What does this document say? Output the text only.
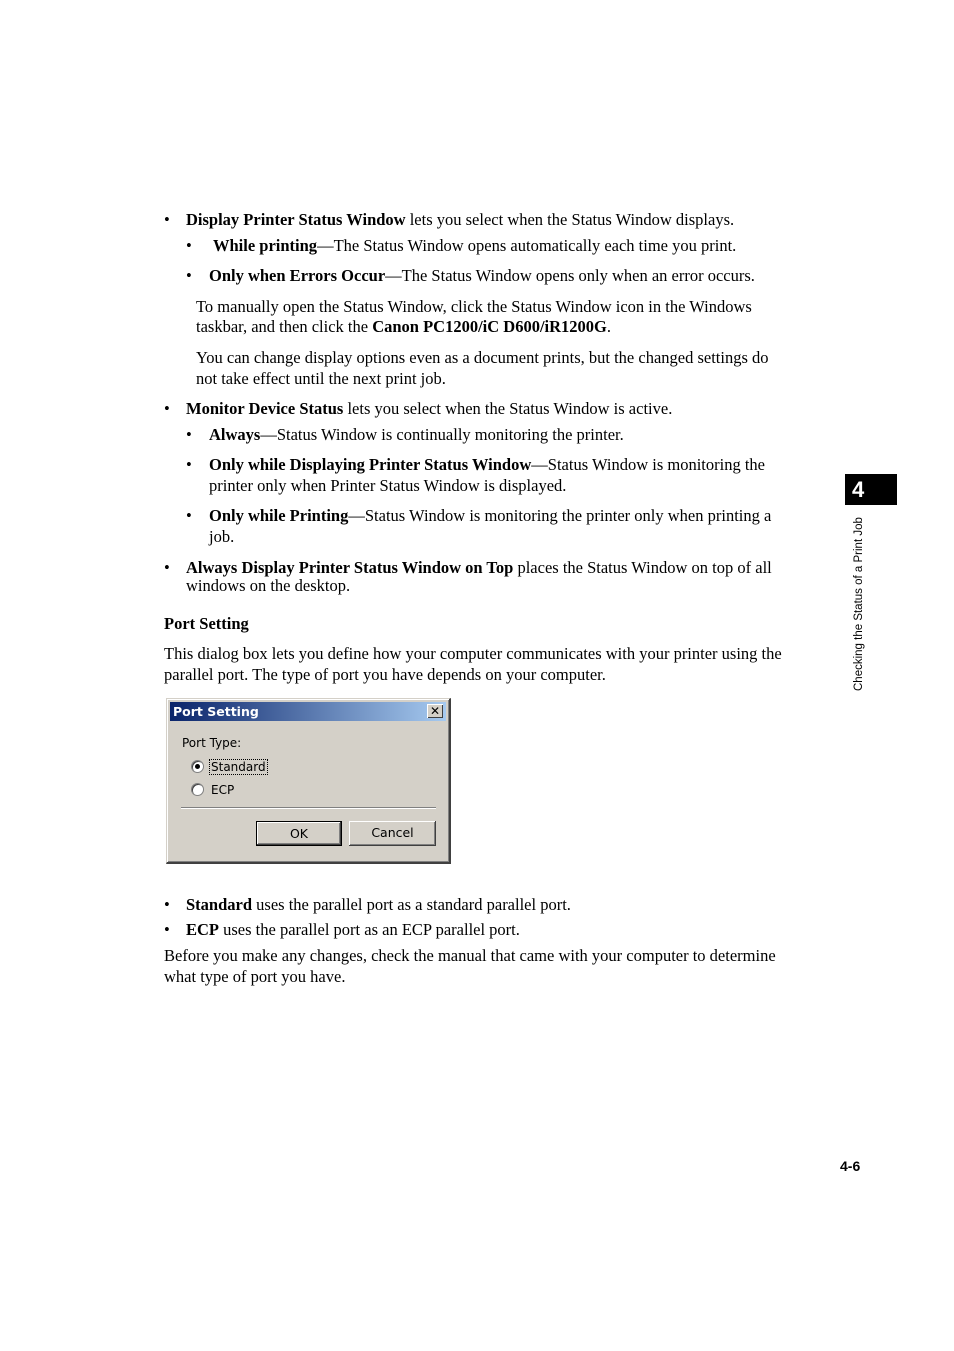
4
Checking the Status of a Print Job
• Display Printer Status Window lets you select when the Status Window displays.
• While printing—The Status Window opens automatically each time you print.
• Only when Errors Occur—The Status Window opens only when an error occurs.
To manually open the Status Window, click the Status Window icon in the Windows
taskbar, and then click the Canon PC1200/iC D600/iR1200G.
You can change display options even as a document prints, but the changed settings do
not take effect until the next print job.
• Monitor Device Status lets you select when the Status Window is active.
• Always—Status Window is continually monitoring the printer.
• Only while Displaying Printer Status Window—Status Window is monitoring the
printer only when Printer Status Window is displayed.
• Only while Printing—Status Window is monitoring the printer only when printing a
job.
• Always Display Printer Status Window on Top places the Status Window on top of all
windows on the desktop.
Port Setting
This dialog box lets you define how your computer communicates with your printer using the
parallel port. The type of port you have depends on your computer.
Port Setting	✕
Port Type:
Standard
ECP
OK	Cancel
• Standard uses the parallel port as a standard parallel port.
• ECP uses the parallel port as an ECP parallel port.
Before you make any changes, check the manual that came with your computer to determine
what type of port you have.
4-6
